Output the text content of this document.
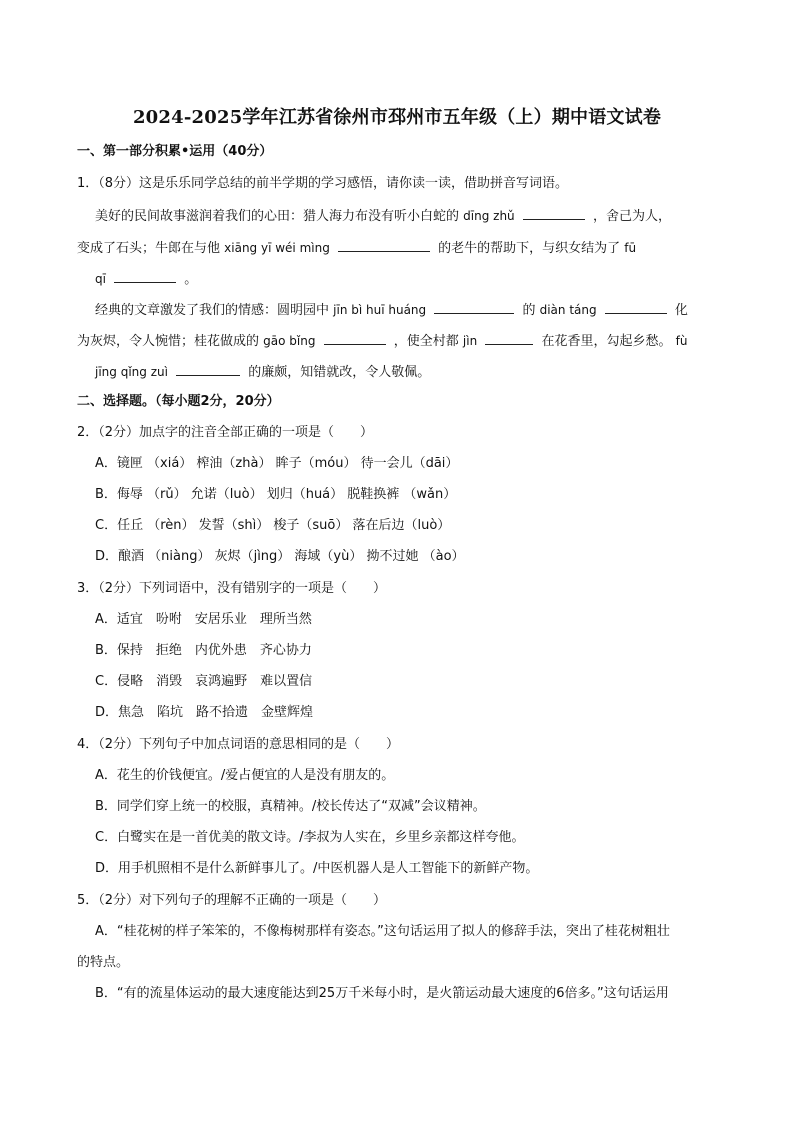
2024-2025学年江苏省徐州市邳州市五年级（上）期中语文试卷
一、第一部分积累•运用（40分）
1．（8分）这是乐乐同学总结的前半学期的学习感悟，请你读一读，借助拼音写词语。
美好的民间故事滋润着我们的心田：猎人海力布没有听小白蛇的 dīng zhǔ	，舍己为人，
变成了石头；牛郎在与他 xiāng yī wéi mìng	的老牛的帮助下，与织女结为了 fū
qī	。
经典的文章激发了我们的情感：圆明园中 jīn bì huī huáng	的 diàn táng	化
为灰烬，令人惋惜；桂花做成的 gāo bǐng	，使全村都 jìn	在花香里，勾起乡愁。 fù
jīng qǐng zuì	的廉颇，知错就改，令人敬佩。
二、选择题。（每小题2分，20分）
2．（2分）加点字的注音全部正确的一项是（　　）
A．镜匣 （xiá） 榨油（zhà） 眸子（móu） 待一会儿（dāi）
B．侮辱 （rǔ） 允诺（luò） 划归（huá） 脱鞋换裤 （wǎn）
C．任丘 （rèn） 发誓（shì） 梭子（suō） 落在后边（luò）
D．酿酒 （niàng） 灰烬（jìng） 海域（yù） 拗不过她 （ào）
3．（2分）下列词语中，没有错别字的一项是（　　）
A．适宜　吩咐　安居乐业　理所当然
B．保持　拒绝　内优外患　齐心协力
C．侵略　消毁　哀鸿遍野　难以置信
D．焦急　陷坑　路不拾遗　金壁辉煌
4．（2分）下列句子中加点词语的意思相同的是（　　）
A．花生的价钱便宜。/爱占便宜的人是没有朋友的。
B．同学们穿上统一的校服，真精神。/校长传达了“双减”会议精神。
C．白鹭实在是一首优美的散文诗。/李叔为人实在，乡里乡亲都这样夸他。
D．用手机照相不是什么新鲜事儿了。/中医机器人是人工智能下的新鲜产物。
5．（2分）对下列句子的理解不正确的一项是（　　）
A．“桂花树的样子笨笨的，不像梅树那样有姿态。”这句话运用了拟人的修辞手法，突出了桂花树粗壮
的特点。
B．“有的流星体运动的最大速度能达到25万千米每小时，是火箭运动最大速度的6倍多。”这句话运用
